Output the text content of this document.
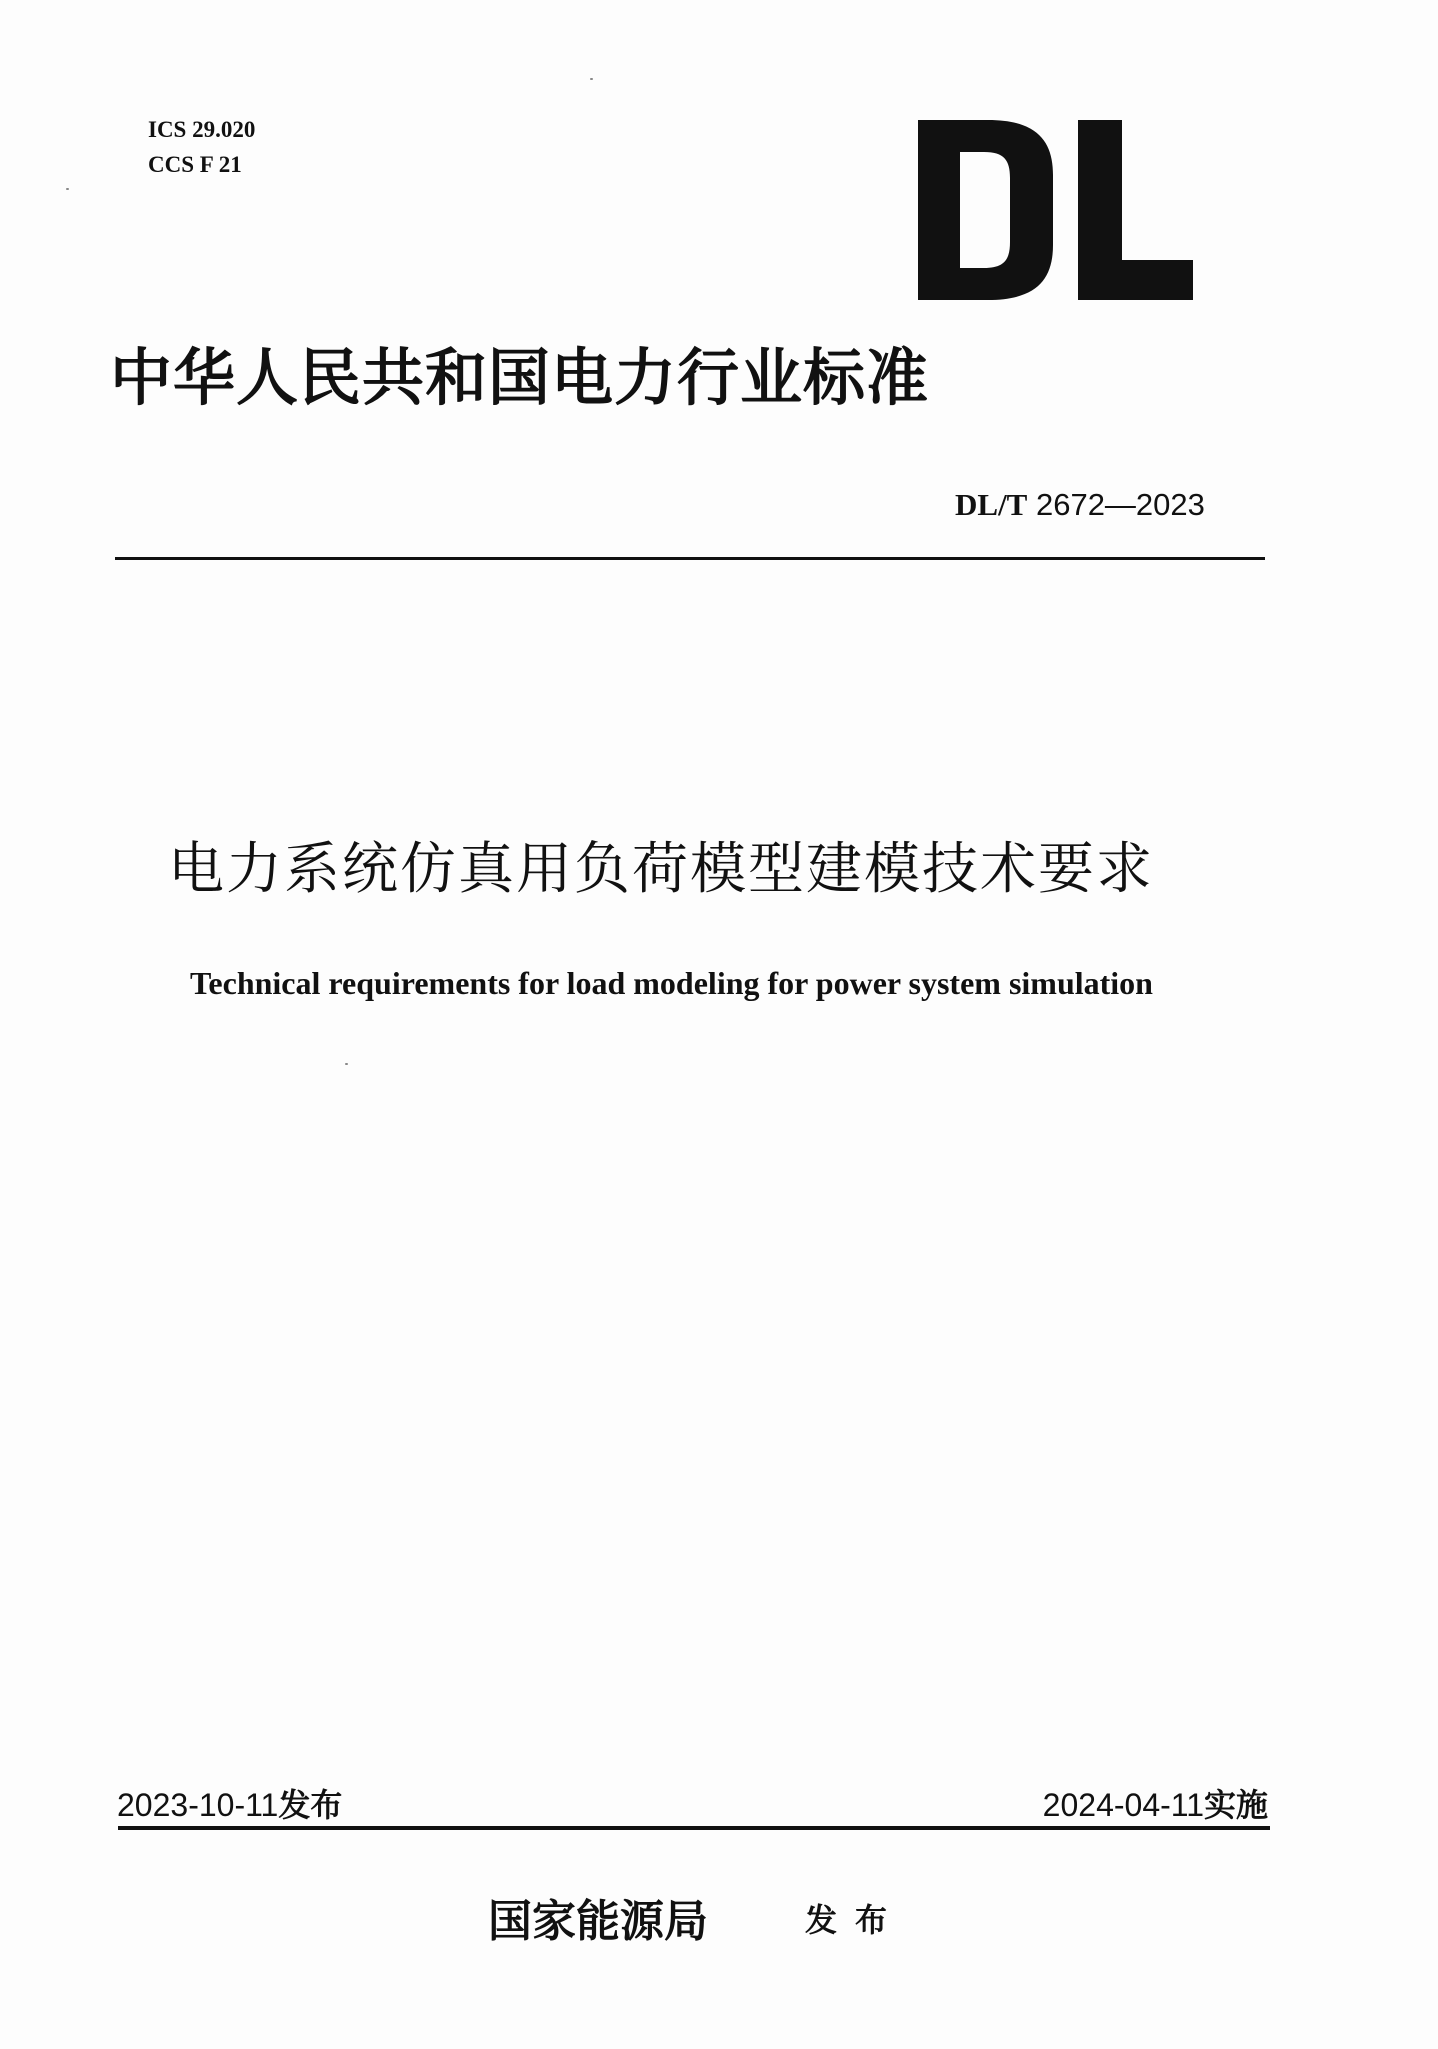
ICS 29.020
CCS F 21
中华人民共和国电力行业标准
DL/T 2672—2023
电力系统仿真用负荷模型建模技术要求
Technical requirements for load modeling for power system simulation
2023-10-11发布	2024-04-11实施
国家能源局	发布
